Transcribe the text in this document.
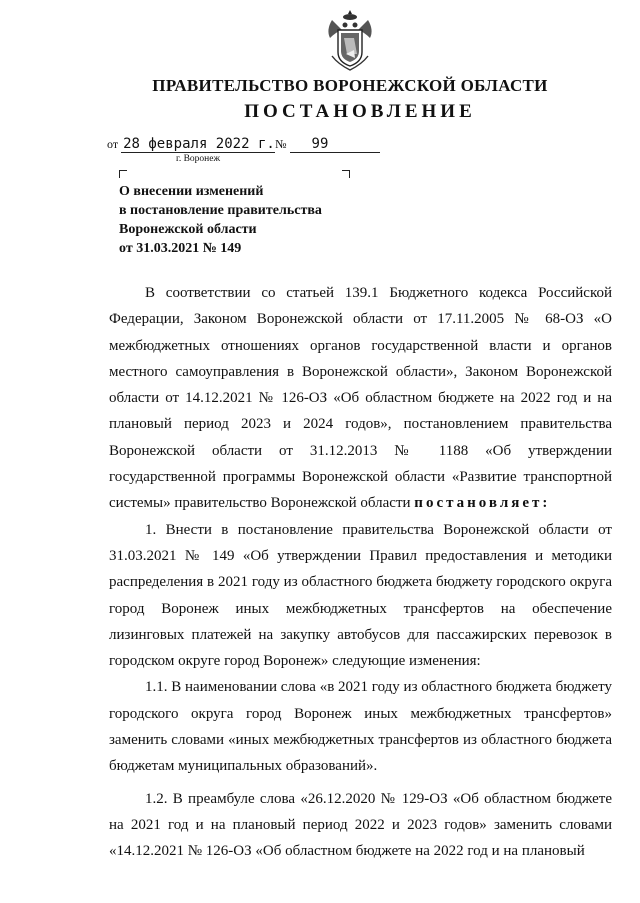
ПРАВИТЕЛЬСТВО ВОРОНЕЖСКОЙ ОБЛАСТИ
ПОСТАНОВЛЕНИЕ
от 28 февраля 2022 г.№ 99
г. Воронеж
О внесении изменений
в постановление правительства
Воронежской области
от 31.03.2021 № 149

В соответствии со статьей 139.1 Бюджетного кодекса Российской Федерации, Законом Воронежской области от 17.11.2005 № 68-ОЗ «О межбюджетных отношениях органов государственной власти и органов местного самоуправления в Воронежской области», Законом Воронежской области от 14.12.2021 № 126-ОЗ «Об областном бюджете на 2022 год и на плановый период 2023 и 2024 годов», постановлением правительства Воронежской области от 31.12.2013 № 1188 «Об утверждении государственной программы Воронежской области «Развитие транспортной системы» правительство Воронежской области постановляет:

1. Внести в постановление правительства Воронежской области от 31.03.2021 № 149 «Об утверждении Правил предоставления и методики распределения в 2021 году из областного бюджета бюджету городского округа город Воронеж иных межбюджетных трансфертов на обеспечение лизинговых платежей на закупку автобусов для пассажирских перевозок в городском округе город Воронеж» следующие изменения:

1.1. В наименовании слова «в 2021 году из областного бюджета бюджету городского округа город Воронеж иных межбюджетных трансфертов» заменить словами «иных межбюджетных трансфертов из областного бюджета бюджетам муниципальных образований».

1.2. В преамбуле слова «26.12.2020 № 129-ОЗ «Об областном бюджете на 2021 год и на плановый период 2022 и 2023 годов» заменить словами «14.12.2021 № 126-ОЗ «Об областном бюджете на 2022 год и на плановый
